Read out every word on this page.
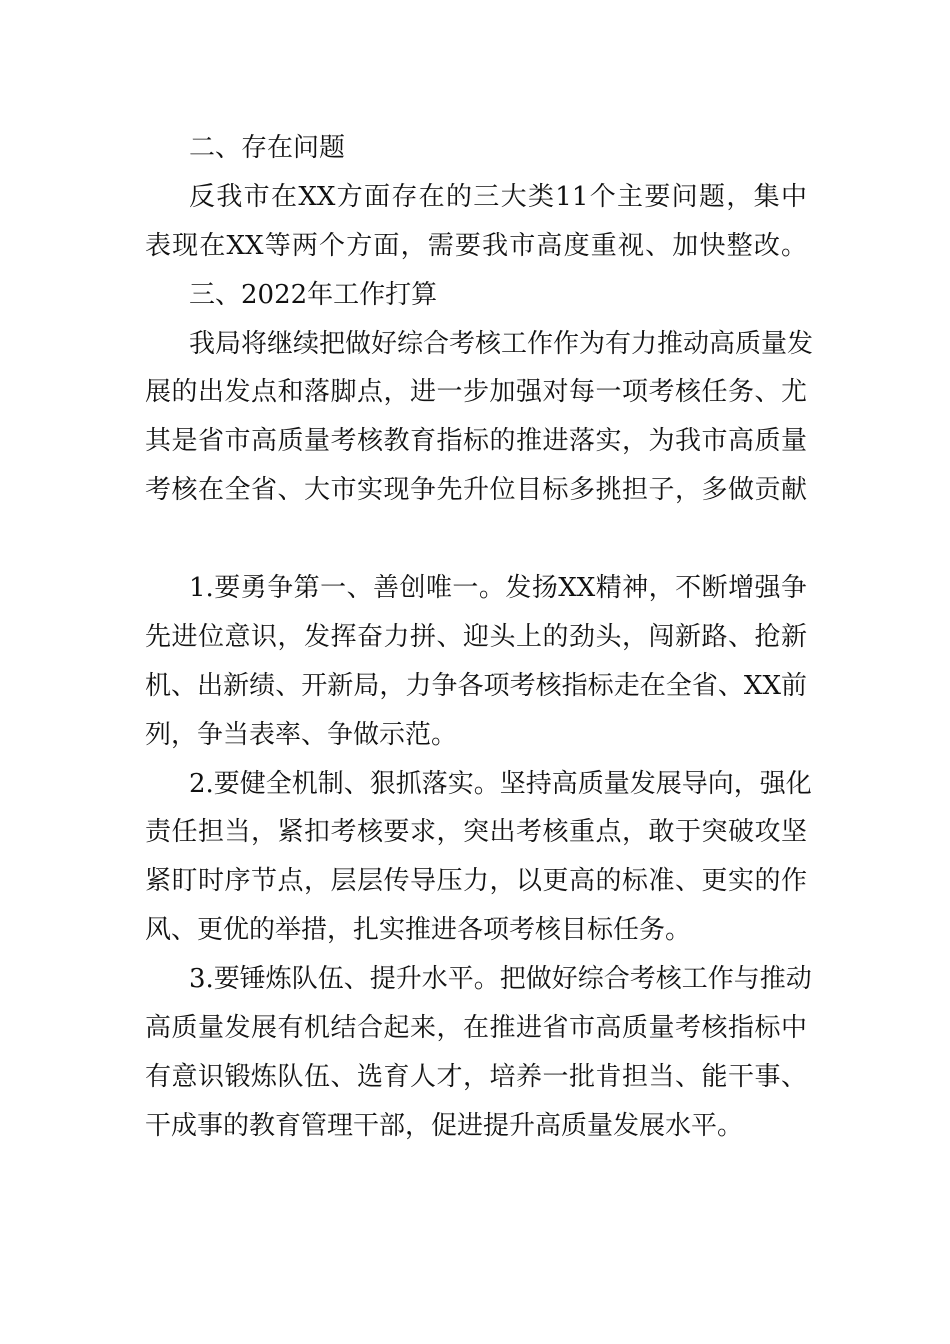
二、存在问题
反我市在XX方面存在的三大类11个主要问题，集中
表现在XX等两个方面，需要我市高度重视、加快整改。
三、2022年工作打算
我局将继续把做好综合考核工作作为有力推动高质量发
展的出发点和落脚点，进一步加强对每一项考核任务、尤
其是省市高质量考核教育指标的推进落实，为我市高质量
考核在全省、大市实现争先升位目标多挑担子，多做贡献
1.要勇争第一、善创唯一。发扬XX精神，不断增强争
先进位意识，发挥奋力拼、迎头上的劲头，闯新路、抢新
机、出新绩、开新局，力争各项考核指标走在全省、XX前
列，争当表率、争做示范。
2.要健全机制、狠抓落实。坚持高质量发展导向，强化
责任担当，紧扣考核要求，突出考核重点，敢于突破攻坚
紧盯时序节点，层层传导压力，以更高的标准、更实的作
风、更优的举措，扎实推进各项考核目标任务。
3.要锤炼队伍、提升水平。把做好综合考核工作与推动
高质量发展有机结合起来，在推进省市高质量考核指标中
有意识锻炼队伍、选育人才，培养一批肯担当、能干事、
干成事的教育管理干部，促进提升高质量发展水平。
